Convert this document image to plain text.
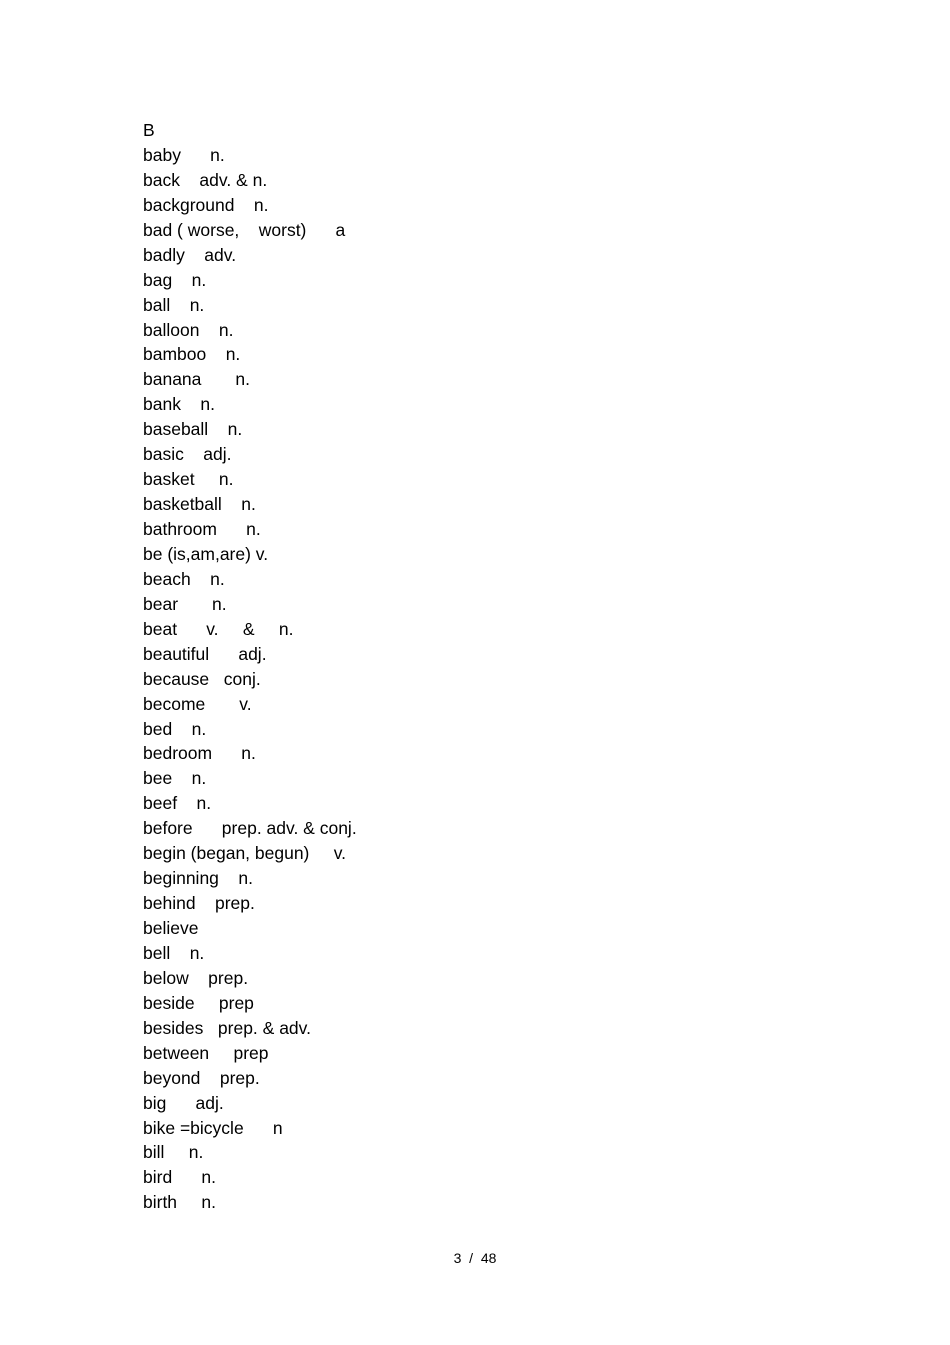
B
baby      n.
back    adv. & n.
background    n.
bad ( worse,    worst)      a
badly    adv.
bag    n.
ball    n.
balloon    n.
bamboo    n.
banana       n.
bank    n.
baseball    n.
basic    adj.
basket     n.
basketball    n.
bathroom      n.
be (is,am,are) v.
beach    n.
bear       n.
beat      v.     &     n.
beautiful      adj.
because   conj.
become       v.
bed    n.
bedroom      n.
bee    n.
beef    n.
before      prep. adv. & conj.
begin (began, begun)     v.
beginning    n.
behind    prep.
believe
bell    n.
below    prep.
beside     prep
besides   prep. & adv.
between     prep
beyond    prep.
big      adj.
bike =bicycle      n
bill     n.
bird      n.
birth     n.
3  /  48
